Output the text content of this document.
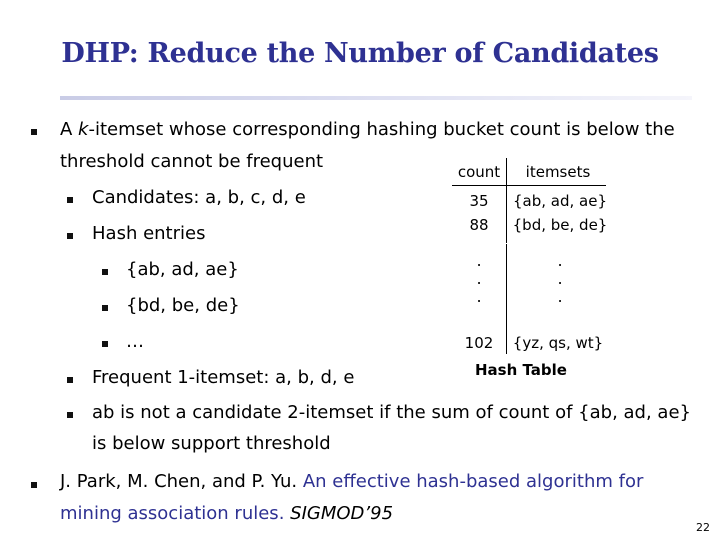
DHP: Reduce the Number of Candidates
A k-itemset whose corresponding hashing bucket count is below the
threshold cannot be frequent
Candidates: a, b, c, d, e
Hash entries
{ab, ad, ae}
{bd, be, de}
…
Frequent 1-itemset: a, b, d, e
ab is not a candidate 2-itemset if the sum of count of {ab, ad, ae}
is below support threshold
J. Park, M. Chen, and P. Yu. An effective hash-based algorithm for
mining association rules. SIGMOD’95
count	itemsets
35	{ab, ad, ae}
88	{bd, be, de}
.
.
.
.
.
.
102	{yz, qs, wt}
Hash Table
22
